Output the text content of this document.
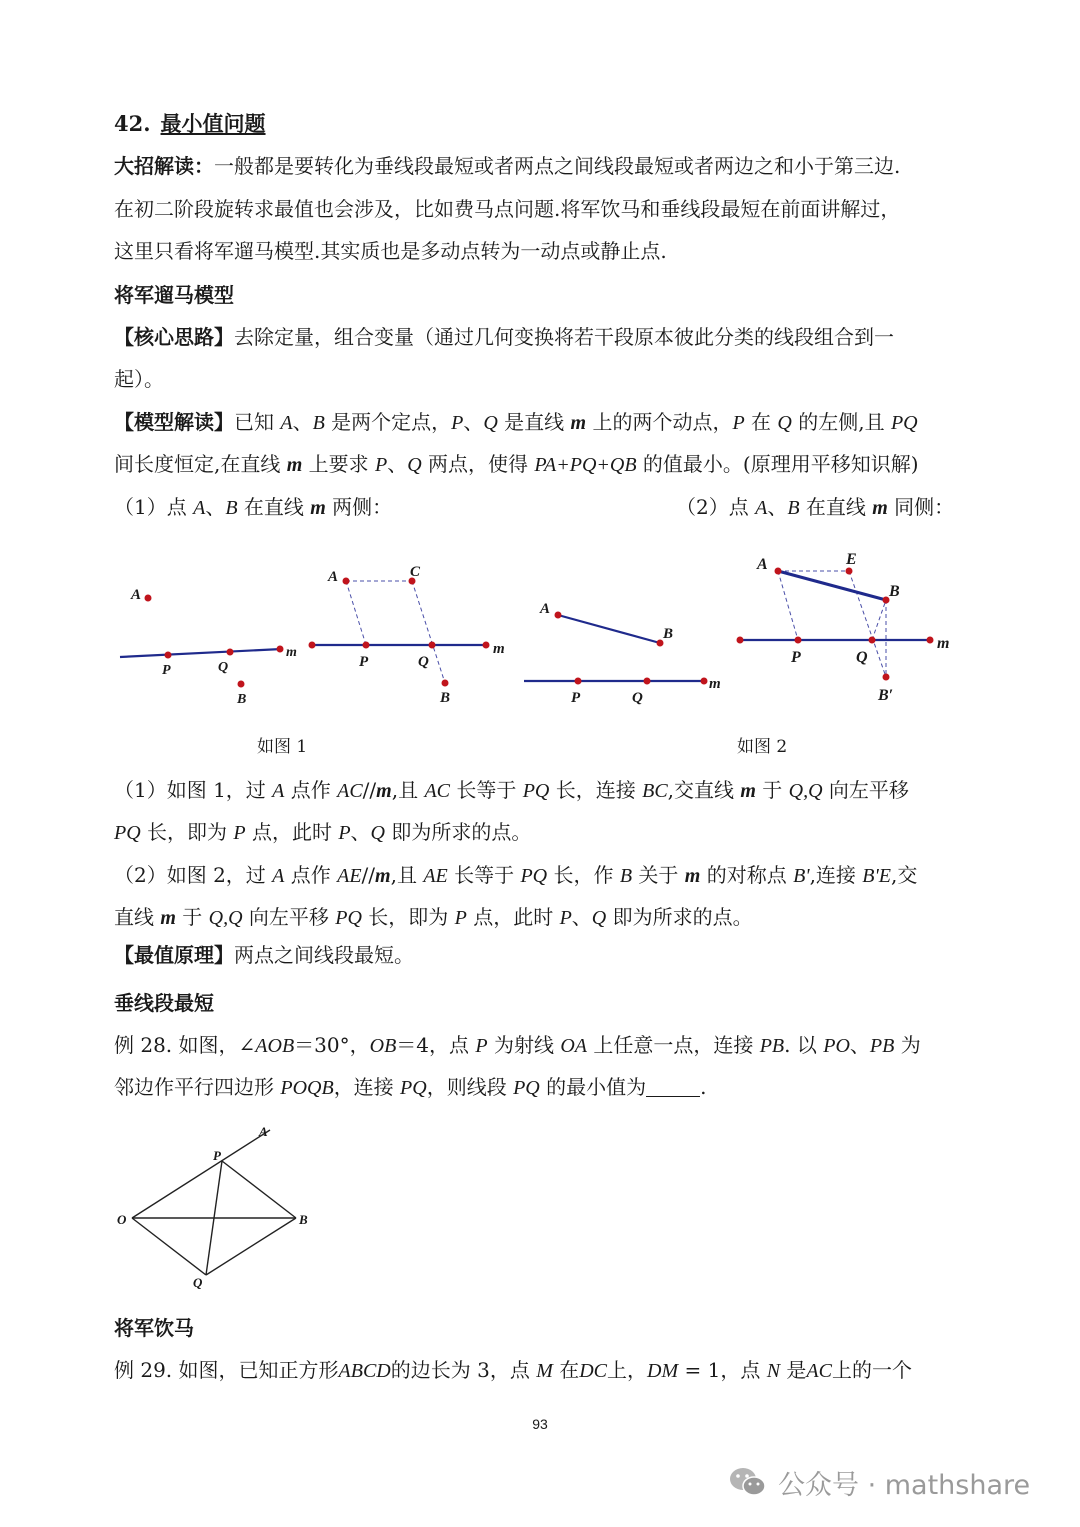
42. 最小值问题
大招解读：一般都是要转化为垂线段最短或者两点之间线段最短或者两边之和小于第三边.
在初二阶段旋转求最值也会涉及，比如费马点问题.将军饮马和垂线段最短在前面讲解过，
这里只看将军遛马模型.其实质也是多动点转为一动点或静止点.
将军遛马模型
【核心思路】去除定量，组合变量（通过几何变换将若干段原本彼此分类的线段组合到一
起）。
【模型解读】已知 A、B 是两个定点，P、Q 是直线 m 上的两个动点，P 在 Q 的左侧,且 PQ
间长度恒定,在直线 m 上要求 P、Q 两点，使得 PA+PQ+QB 的值最小。(原理用平移知识解)
（1）点 A、B 在直线 m 两侧：	（2）点 A、B 在直线 m 同侧：
A
P	Q
m
B
A	C
P	Q
m
B
A
B
P	Q
m
A	E
B
P	Q
m
B′
如图 1	如图 2
（1）如图 1，过 A 点作 AC//m,且 AC 长等于 PQ 长，连接 BC,交直线 m 于 Q,Q 向左平移
PQ 长，即为 P 点，此时 P、Q 即为所求的点。
（2）如图 2，过 A 点作 AE//m,且 AE 长等于 PQ 长，作 B 关于 m 的对称点 B',连接 B'E,交
直线 m 于 Q,Q 向左平移 PQ 长，即为 P 点，此时 P、Q 即为所求的点。
【最值原理】两点之间线段最短。
垂线段最短
例 28. 如图，∠AOB＝30°，OB＝4，点 P 为射线 OA 上任意一点，连接 PB. 以 PO、PB 为
邻边作平行四边形 POQB，连接 PQ，则线段 PQ 的最小值为	.
O
A
P
B
Q
将军饮马
例 29. 如图，已知正方形ABCD的边长为 3，点 M 在DC上，DM = 1，点 N 是AC上的一个
93
公众号 · mathshare
